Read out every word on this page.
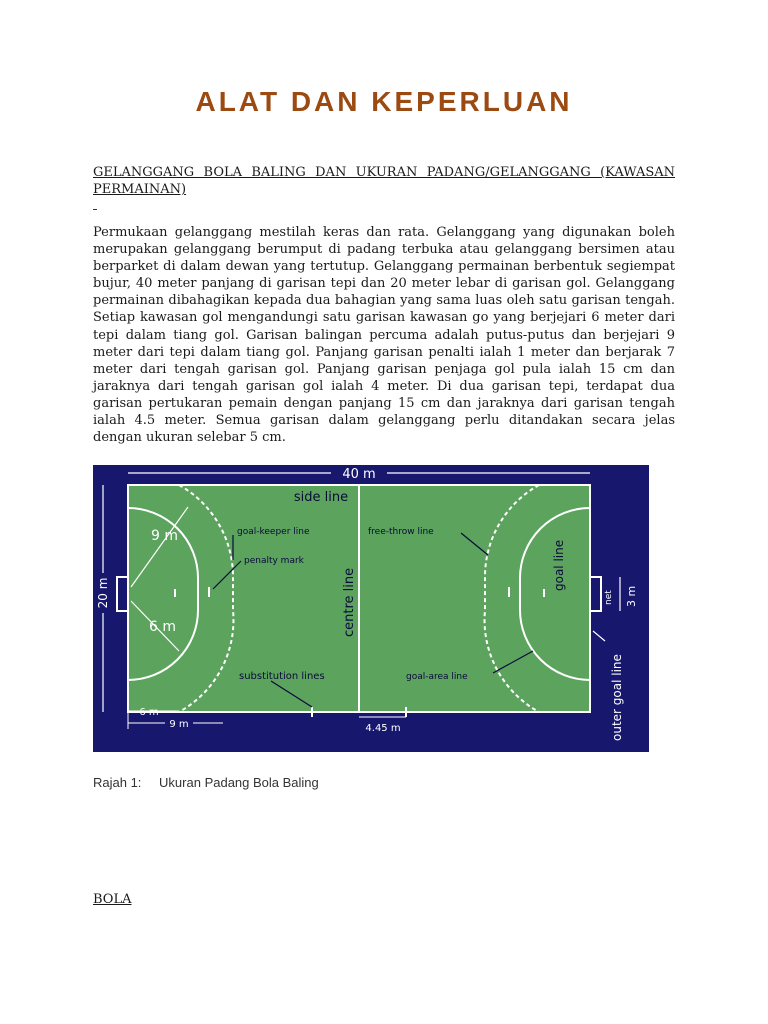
ALAT DAN KEPERLUAN
GELANGGANG BOLA BALING DAN UKURAN PADANG/GELANGGANG (KAWASAN
PERMAINAN)
Permukaan gelanggang mestilah keras dan rata. Gelanggang yang digunakan boleh merupakan gelanggang berumput di padang terbuka atau gelanggang bersimen atau berparket di dalam dewan yang tertutup. Gelanggang permainan berbentuk segiempat bujur, 40 meter panjang di garisan tepi dan 20 meter lebar di garisan gol. Gelanggang permainan dibahagikan kepada dua bahagian yang sama luas oleh satu garisan tengah. Setiap kawasan gol mengandungi satu garisan kawasan go yang berjejari 6 meter dari tepi dalam tiang gol. Garisan balingan percuma adalah putus-putus dan berjejari 9 meter dari tepi dalam tiang gol. Panjang garisan penalti ialah 1 meter dan berjarak 7 meter dari tengah garisan gol. Panjang garisan penjaga gol pula ialah 15 cm dan jaraknya dari tengah garisan gol ialah 4 meter. Di dua garisan tepi, terdapat dua garisan pertukaran pemain dengan panjang 15 cm dan jaraknya dari garisan tengah ialah 4.5 meter. Semua garisan dalam gelanggang perlu ditandakan secara jelas dengan ukuran selebar 5 cm.
40 m
20 m
side line
9 m
6 m
goal-keeper line
penalty mark
centre line
free-throw line
goal line
net 3 m
substitution lines	goal-area line	outer goal line
6 m
9 m	4.45 m
Rajah 1: Ukuran Padang Bola Baling
BOLA
